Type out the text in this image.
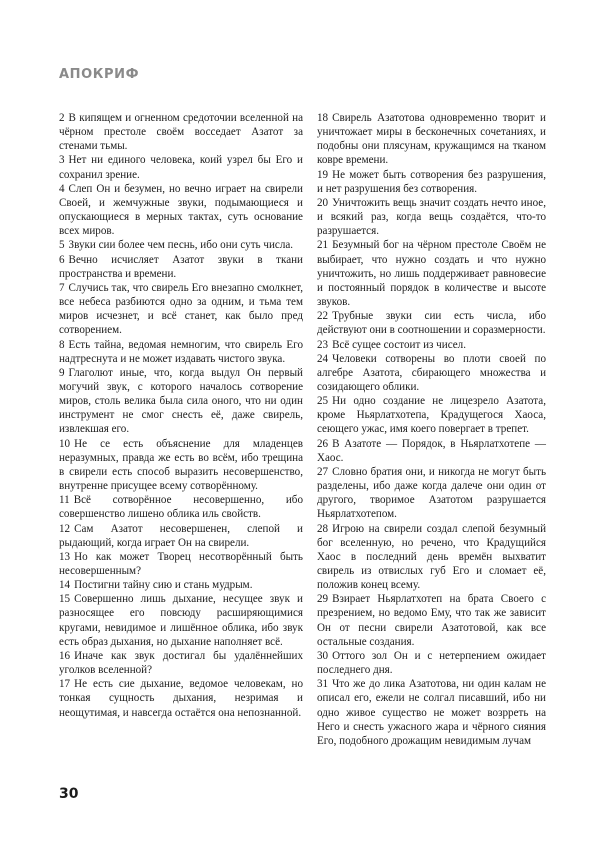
АПОКРИФ

2 В кипящем и огненном средоточии вселенной на чёрном престоле своём восседает Азатот за стенами тьмы.

3 Нет ни единого человека, коий узрел бы Его и сохранил зрение.

4 Слеп Он и безумен, но вечно играет на свирели Своей, и жемчужные звуки, подымающиеся и опускающиеся в мерных тактах, суть основание всех миров.

5 Звуки сии более чем песнь, ибо они суть числа.

6 Вечно исчисляет Азатот звуки в ткани пространства и времени.

7 Случись так, что свирель Его внезапно смолкнет, все небеса разбиются одно за одним, и тьма тем миров исчезнет, и всё станет, как было пред сотворением.

8 Есть тайна, ведомая немногим, что свирель Его надтреснута и не может издавать чистого звука.

9 Глаголют иные, что, когда выдул Он первый могучий звук, с которого началось сотворение миров, столь велика была сила оного, что ни один инструмент не смог снесть её, даже свирель, извлекшая его.

10 Не се есть объяснение для младенцев неразумных, правда же есть во всём, ибо трещина в свирели есть способ выразить несовершенство, внутренне присущее всему сотворённому.

11 Всё сотворённое несовершенно, ибо совершенство лишено облика иль свойств.

12 Сам Азатот несовершенен, слепой и рыдающий, когда играет Он на свирели.

13 Но как может Творец несотворённый быть несовершенным?

14 Постигни тайну сию и стань мудрым.

15 Совершенно лишь дыхание, несущее звук и разносящее его повсюду расширяющимися кругами, невидимое и лишённое облика, ибо звук есть образ дыхания, но дыхание наполняет всё.

16 Иначе как звук достигал бы удалённейших уголков вселенной?

17 Не есть сие дыхание, ведомое человекам, но тонкая сущность дыхания, незримая и неощутимая, и навсегда остаётся она непознанной.

18 Свирель Азатотова одновременно творит и уничтожает миры в бесконечных сочетаниях, и подобны они плясунам, кружащимся на тканом ковре времени.

19 Не может быть сотворения без разрушения, и нет разрушения без сотворения.

20 Уничтожить вещь значит создать нечто иное, и всякий раз, когда вещь создаётся, что-то разрушается.

21 Безумный бог на чёрном престоле Своём не выбирает, что нужно создать и что нужно уничтожить, но лишь поддерживает равновесие и постоянный порядок в количестве и высоте звуков.

22 Трубные звуки сии есть числа, ибо действуют они в соотношении и соразмерности.

23 Всё сущее состоит из чисел.

24 Человеки сотворены во плоти своей по алгебре Азатота, сбирающего множества и созидающего облики.

25 Ни одно создание не лицезрело Азатота, кроме Ньярлатхотепа, Крадущегося Хаоса, сеющего ужас, имя коего повергает в трепет.

26 В Азатоте — Порядок, в Ньярлатхотепе — Хаос.

27 Словно братия они, и никогда не могут быть разделены, ибо даже когда далече они один от другого, творимое Азатотом разрушается Ньярлатхотепом.

28 Игрою на свирели создал слепой безумный бог вселенную, но речено, что Крадущийся Хаос в последний день времён выхватит свирель из отвислых губ Его и сломает её, положив конец всему.

29 Взирает Ньярлатхотеп на брата Своего с презрением, но ведомо Ему, что так же зависит Он от песни свирели Азатотовой, как все остальные создания.

30 Оттого зол Он и с нетерпением ожидает последнего дня.

31 Что же до лика Азатотова, ни один калам не описал его, ежели не солгал писавший, ибо ни одно живое существо не может возрреть на Него и снесть ужасного жара и чёрного сияния Его, подобного дрожащим невидимым лучам

30
